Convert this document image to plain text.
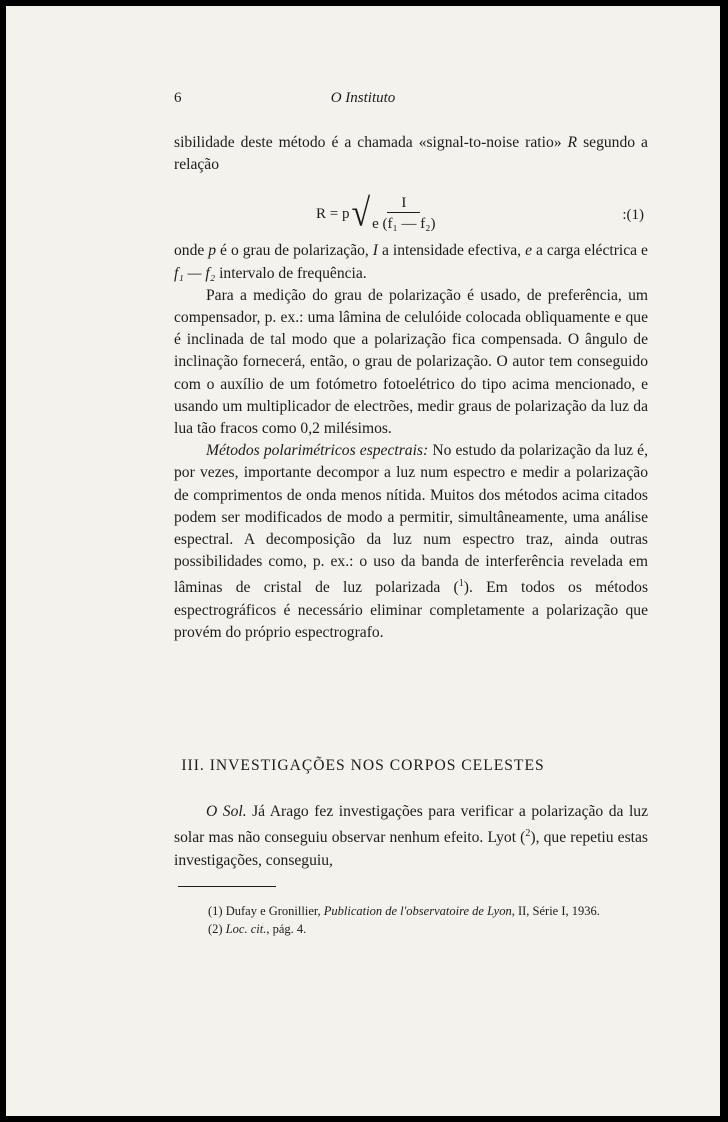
6	O Instituto

sibilidade deste método é a chamada «signal-to-noise ratio» R segundo a relação

R = p √ $\frac{I}{\text{e (f₁ — f₂)}}$	:(1)

onde p é o grau de polarização, I a intensidade efectiva, e a carga eléctrica e f₁ — f₂ intervalo de frequência.

Para a medição do grau de polarização é usado, de preferência, um compensador, p. ex.: uma lâmina de celulóide colocada oblìquamente e que é inclinada de tal modo que a polarização fica compensada. O ângulo de inclinação fornecerá, então, o grau de polarização. O autor tem conseguido com o auxílio de um fotómetro fotoelétrico do tipo acima mencionado, e usando um multiplicador de electrões, medir graus de polarização da luz da lua tão fracos como 0,2 milésimos.

Métodos polarimétricos espectrais: No estudo da polarização da luz é, por vezes, importante decompor a luz num espectro e medir a polarização de comprimentos de onda menos nítida. Muitos dos métodos acima citados podem ser modificados de modo a permitir, simultâneamente, uma análise espectral. A decomposição da luz num espectro traz, ainda outras possibilidades como, p. ex.: o uso da banda de interferência revelada em lâminas de cristal de luz polarizada ($^1$). Em todos os métodos espectrográficos é necessário eliminar completamente a polarização que provém do próprio espectrografo.

III. INVESTIGAÇÕES NOS CORPOS CELESTES

O Sol. Já Arago fez investigações para verificar a polarização da luz solar mas não conseguiu observar nenhum efeito. Lyot ($^2$), que repetiu estas investigações, conseguiu,

(1) Dufay e Gronillier, Publication de l'observatoire de Lyon, II, Série I, 1936.

(2) Loc. cit., pág. 4.
